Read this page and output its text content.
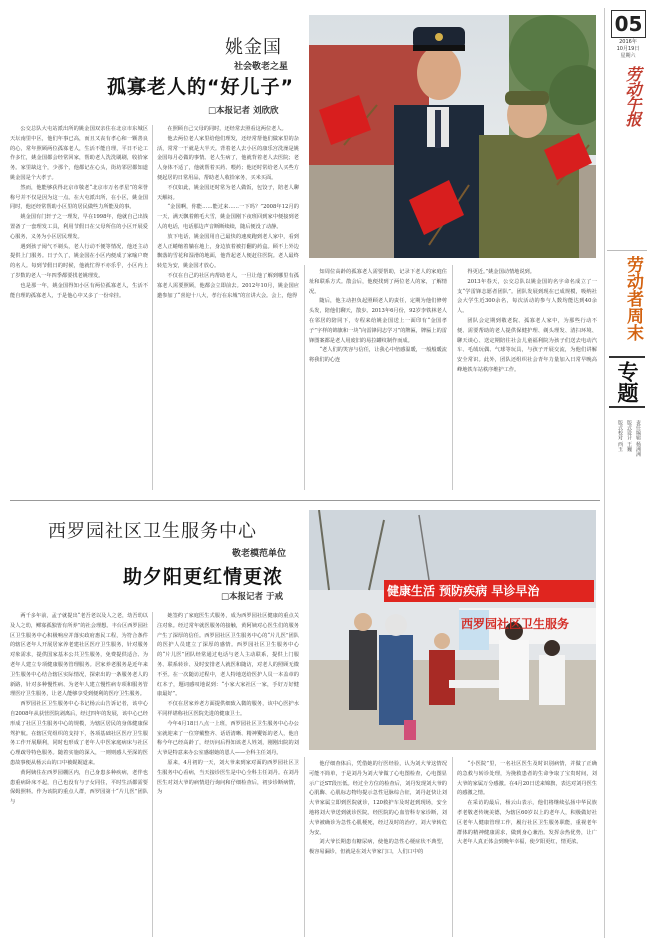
05
2016年
10月19日
星期六
劳动午报
劳动者周末
专题
责任编辑 杨洲洲
版式设计 王巍
版式校对 西玉
姚金国
社会敬老之星
孤寡老人的“好儿子”
□本报记者 刘欣欣

公交总队大屯站派出所的姚金国双亲住在北京市东城区天坛南里中区，他们年事已高，而且又丧有孝心和一颗善良的心，常年照顾两位孤寡老人，生活不能自理，平日不论工作多忙，姚金国都会经常回家，帮助老人洗洗刷刷，收拾家务。家里缺这个，少那个，他都记在心头，街坊邻居都知道姚金国是个大孝子。

然而，他能够获得北京市敬老“北京市万名孝星”的荣誉称号并不仅是因为这一点。在大屯派出所，在小区，姚金国同时，他还经常帮助小区里的居民做些力所能及的事。

姚金国有门轩子之一理发，早在1998年，他就自己出钱置备了一套理发工具，利用节假日在父母所住的小区开展爱心服务，义务为小区居民理发。

遇到孩子闹气不剃头，老人行动不便等情况，他还主动提供上门服务。日子久了，姚金国在小区内便成了家喻户晓的名人。每到节假日的时候，他就忙得不亦乐乎，小区内上了岁数的老人一年四季都要找老姚理发。

也是那一年，姚金国得知小区有两位孤寡老人，生活不能自理的孤寡老人，于是他心中又多了一份牵挂。

在照顾自己父母的同时，还经常去照看这两位老人。

他去两位老人家里给他们理发，还经常帮他们做家里的杂活，常常一干就是大半天。背着老人去小区的康乐宫洗澡是姚金国每月必做的事情。老人生病了，他就背着老人去医院；老人身体不适了，他就帮着买药、喂药；他还时常给老人买些方便起居的日常用品，帮助老人收拾家务，买米买面。

不仅如此，姚金国还时常为老人做饭，包饺子，陪老人聊天解闷。

“金国啊，你能……能过来……一下吗？”2008年12月的一天，满天飘着鹅毛大雪，姚金国刚下夜班回到家中便接到老人的电话，电话那边声音断断续续，随后便没了动静。

放下电话，姚金国用自己最快的速度跑到老人家中，看到老人正蜷缩着躺在地上，身边放着被打翻的药盒。顾不上外边飘落的雪花和湿滑的地面，他背起老人便赶往医院。老人最终转危为安，姚金国才放心。

不仅在自己的社区内帮助老人，一旦让他了解到哪里有孤寡老人需要照顾，他都会立即前去。2012年10月，姚金国应邀参加了“喜迎十八大，孝行在东城”的宣讲大会。会上，他得

知周位高龄的孤寡老人需要帮助，记录下老人的家庭住址和联系方式。散会后，他便找到了两位老人的家，了解情况。

随后，他主动担负起照顾老人的责任，定期为他们修剪头发，陪他们聊天，散步。2013年6月份，92岁李铁林老人在邻居的陪同下，专程来给姚金国送上一面印有“金国孝子”字样的锦旗和一块“向雷锋同志学习”的牌匾，牌匾上的雷锋图案都是老人用废旧的易拉罐纹制作而成。

“老人们的笑容与信任，让我心中倍感温暖，一般般暖流将我们的心连

得更近。”姚金国动情地说到。

2013年春天，公交总队以姚金国的名字命名成立了一支“学雷锋志愿者团队”。团队发展到现在已成规模，吸纳社会大学生近300余名，每次活动的参与人数均能达到40余人。

团队会定期到敬老院、孤寡老人家中，为那些行动不便、需要帮助的老人提供保健护理、剃头理发、清扫环境、聊天谈心、送定期陪往社会儿童福利院为孩子们送去电动汽车、毛绒玩偶、气球等玩具，与孩子开展交流，为他们讲解安全常识。此外，团队还组织社会青年力量加入日常早晚高峰地铁车站秩序维护工作。

西罗园社区卫生服务中心
敬老模范单位
助夕阳更红情更浓
□本报记者 于戒	健康生活 预防疾病 早诊早治
西罗园社区卫生服务

两千多年前，孟子就提出“老吾老以及人之老，幼吾幼以及人之幼，鳏寡孤独皆有所养”的社会理想。丰台区西罗园社区卫生服务中心积极响应并落实政府惠民工程，为符合条件的辖区老年人开展居家养老建社区医疗卫生服务，针对服务对象需求，提供国家基本公共卫生服务，免费提供适合、为老年人建立专项健康服务管理服务。居家养老服务是近年来卫生服务中心结合辖区实际情况，探索出的一条服务老人的新路，针对多种慢性病、为老年人建立慢性病专项和服务管理医疗卫生服务，让老人能够享受到便利的医疗卫生服务。

西罗园社区卫生服务中心书记杨云山告诉记者，该中心自2008年从获营医院剥离后，经过四年的发展，该中心已经形成了社区卫生服务中心的规模，为辖区居民的身体健康保驾护航。在辖区党组织的支持下，各项基础社区医疗卫生服务工作开展顺利，同时也形成了老年人中医家庭病床与社区心理疏导特色服务。随着实施的深入，一则则感人至深的医患故事便从杨云山的口中被娓娓道来。

黄阿姨住在西罗园棚区内，自己身患多种疾病，老伴也患重病卧床不起，自己也没有与子女同住，平时生活都需要保姆照料。作为该院的重点人群，西罗园第十“片儿医”团队与

她签约了家庭医生式服务，成为西罗园社区健康的重点关注对象。经过常年就医服务的接触，黄阿姨对心医生们的服务产生了深厚的信任。西罗园社区卫生服务中心的“片儿医”团队的医护人员建立了深厚的感情。西罗园社区卫生服务中心的“片儿医”团队经常通过电话与老人主动联系，提供上门服务、联系转诊、及时安排老人就医和随访，对老人的照顾无微不至。在一次随访过程中，老人特地送给医护人员一本盖章的红本子，题词感叹地说到：“小家大家社区一家，手好万好健康最好”。

不仅在居家养老方面提供细致入微的服务，该中心医护水平同样堪称社区医院先进的健康卫士。

今年4月18日八点一上班，西罗园社区卫生服务中心办公室就迎来了一位穿戴整齐、话语清晰、精神矍铄的老人，他自称今年已经高龄了，经历问后得知该老人姓刘，刚刚出院的刘大爷是特意来办公室感谢她的恩人——全科主任刘丹。

原来，4月初的一天，刘大爷来到家对面的西罗园社区卫生服务中心看病，当天接诊医生是中心全科主任刘丹。在刘丹医生对刘大爷的病情进行询问和仔细检查后，初步诊断病情，为

他仔细查体后，凭借她的行医经验，认为刘大爷这情况可能不简单，于是刘丹为刘大爷做了心电图检查，心电图显示广泛ST段压低。经过全方位的检查后，刘丹发现刘大爷的心肌酶、心肌标志物均提示急性冠脉综合征，刘丹赶快让刘大爷家属立即到医院就诊，120救护车及时赶到现场，安全地将刘大爷送到就诊医院。经医院的心血管科专家诊断，刘大爷被确诊为急性心肌梗死，经过及时的治疗，刘大爷转危为安。

刘大爷长期患有糖尿病，使他的急性心梗症状不典型，极容易漏诊，但就是在刘大爷家门口，人们口中的

“小医院”里，一名社区医生及时识别病情，并做了正确的急救与转诊处理，为挽救患者的生命争取了宝贵时间，刘大爷的家属万分感激。在4月20日送来锦旗，表达对刘丹医生的感激之情。

在采访的最后，杨云山表示，他们将继续弘扬中华民族孝老敬老传统美德，为辖区60岁以上的老年人，积极做好社区老年人健康管理工作，履行社区卫生服务职能，重视老年群体的精神健康需求，做到身心兼治。发挥余热优势，让广大老年人真正体会到晚年幸福，使夕阳更红，情更浓。
